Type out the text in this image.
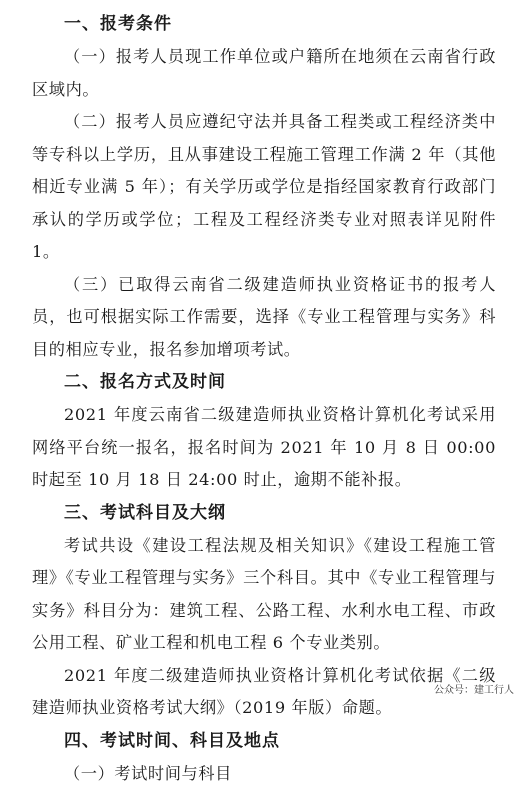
一、报考条件

（一）报考人员现工作单位或户籍所在地须在云南省行政区域内。

（二）报考人员应遵纪守法并具备工程类或工程经济类中等专科以上学历，且从事建设工程施工管理工作满 2 年（其他相近专业满 5 年）；有关学历或学位是指经国家教育行政部门承认的学历或学位；工程及工程经济类专业对照表详见附件 1。

（三）已取得云南省二级建造师执业资格证书的报考人员，也可根据实际工作需要，选择《专业工程管理与实务》科目的相应专业，报名参加增项考试。

二、报名方式及时间

2021 年度云南省二级建造师执业资格计算机化考试采用网络平台统一报名，报名时间为 2021 年 10 月 8 日 00:00 时起至 10 月 18 日 24:00 时止，逾期不能补报。

三、考试科目及大纲

考试共设《建设工程法规及相关知识》《建设工程施工管理》《专业工程管理与实务》三个科目。其中《专业工程管理与实务》科目分为：建筑工程、公路工程、水利水电工程、市政公用工程、矿业工程和机电工程 6 个专业类别。

2021 年度二级建造师执业资格计算机化考试依据《二级建造师执业资格考试大纲》（2019 年版）命题。

四、考试时间、科目及地点

（一）考试时间与科目

公众号：建工行人
